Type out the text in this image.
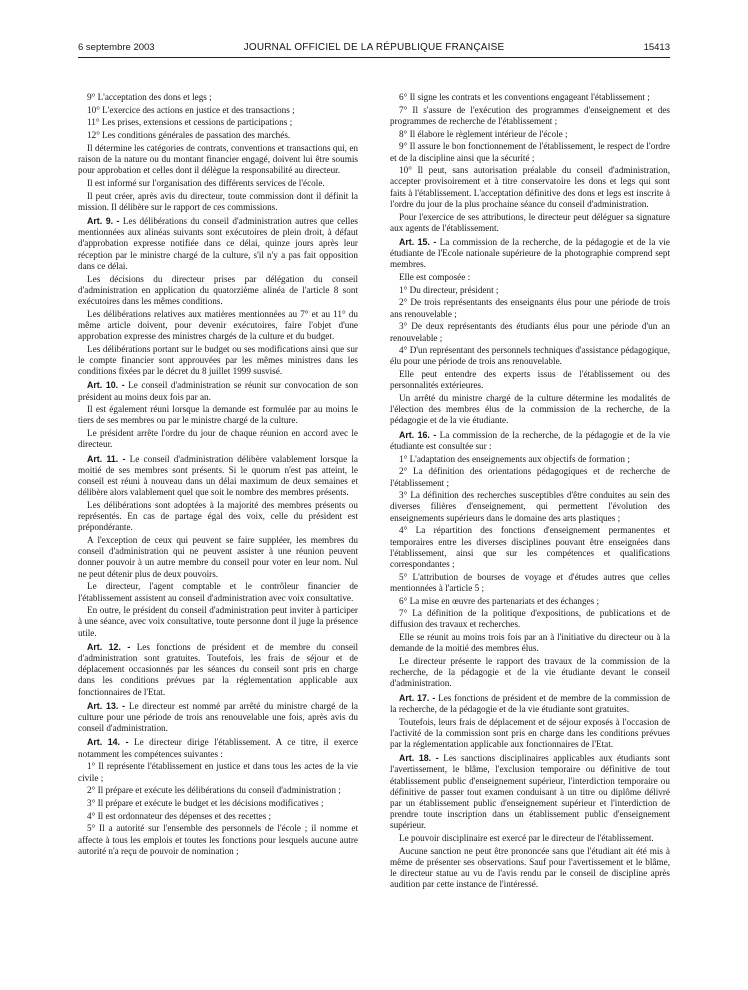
6 septembre 2003	JOURNAL OFFICIEL DE LA RÉPUBLIQUE FRANÇAISE	15413

9° L'acceptation des dons et legs ;

10° L'exercice des actions en justice et des transactions ;

11° Les prises, extensions et cessions de participations ;

12° Les conditions générales de passation des marchés.

Il détermine les catégories de contrats, conventions et transactions qui, en raison de la nature ou du montant financier engagé, doivent lui être soumis pour approbation et celles dont il délègue la responsabilité au directeur.

Il est informé sur l'organisation des différents services de l'école.

Il peut créer, après avis du directeur, toute commission dont il définit la mission. Il délibère sur le rapport de ces commissions.

Art. 9. - Les délibérations du conseil d'administration autres que celles mentionnées aux alinéas suivants sont exécutoires de plein droit, à défaut d'approbation expresse notifiée dans ce délai, quinze jours après leur réception par le ministre chargé de la culture, s'il n'y a pas fait opposition dans ce délai.

Les décisions du directeur prises par délégation du conseil d'administration en application du quatorzième alinéa de l'article 8 sont exécutoires dans les mêmes conditions.

Les délibérations relatives aux matières mentionnées au 7° et au 11° du même article doivent, pour devenir exécutoires, faire l'objet d'une approbation expresse des ministres chargés de la culture et du budget.

Les délibérations portant sur le budget ou ses modifications ainsi que sur le compte financier sont approuvées par les mêmes ministres dans les conditions fixées par le décret du 8 juillet 1999 susvisé.

Art. 10. - Le conseil d'administration se réunit sur convocation de son président au moins deux fois par an.

Il est également réuni lorsque la demande est formulée par au moins le tiers de ses membres ou par le ministre chargé de la culture.

Le président arrête l'ordre du jour de chaque réunion en accord avec le directeur.

Art. 11. - Le conseil d'administration délibère valablement lorsque la moitié de ses membres sont présents. Si le quorum n'est pas atteint, le conseil est réuni à nouveau dans un délai maximum de deux semaines et délibère alors valablement quel que soit le nombre des membres présents.

Les délibérations sont adoptées à la majorité des membres présents ou représentés. En cas de partage égal des voix, celle du président est prépondérante.

A l'exception de ceux qui peuvent se faire suppléer, les membres du conseil d'administration qui ne peuvent assister à une réunion peuvent donner pouvoir à un autre membre du conseil pour voter en leur nom. Nul ne peut détenir plus de deux pouvoirs.

Le directeur, l'agent comptable et le contrôleur financier de l'établissement assistent au conseil d'administration avec voix consultative.

En outre, le président du conseil d'administration peut inviter à participer à une séance, avec voix consultative, toute personne dont il juge la présence utile.

Art. 12. - Les fonctions de président et de membre du conseil d'administration sont gratuites. Toutefois, les frais de séjour et de déplacement occasionnés par les séances du conseil sont pris en charge dans les conditions prévues par la réglementation applicable aux fonctionnaires de l'Etat.

Art. 13. - Le directeur est nommé par arrêté du ministre chargé de la culture pour une période de trois ans renouvelable une fois, après avis du conseil d'administration.

Art. 14. - Le directeur dirige l'établissement. A ce titre, il exerce notamment les compétences suivantes :

1° Il représente l'établissement en justice et dans tous les actes de la vie civile ;

2° Il prépare et exécute les délibérations du conseil d'administration ;

3° Il prépare et exécute le budget et les décisions modificatives ;

4° Il est ordonnateur des dépenses et des recettes ;

5° Il a autorité sur l'ensemble des personnels de l'école ; il nomme et affecte à tous les emplois et toutes les fonctions pour lesquels aucune autre autorité n'a reçu de pouvoir de nomination ;

6° Il signe les contrats et les conventions engageant l'établissement ;

7° Il s'assure de l'exécution des programmes d'enseignement et des programmes de recherche de l'établissement ;

8° Il élabore le règlement intérieur de l'école ;

9° Il assure le bon fonctionnement de l'établissement, le respect de l'ordre et de la discipline ainsi que la sécurité ;

10° Il peut, sans autorisation préalable du conseil d'administration, accepter provisoirement et à titre conservatoire les dons et legs qui sont faits à l'établissement. L'acceptation définitive des dons et legs est inscrite à l'ordre du jour de la plus prochaine séance du conseil d'administration.

Pour l'exercice de ses attributions, le directeur peut déléguer sa signature aux agents de l'établissement.

Art. 15. - La commission de la recherche, de la pédagogie et de la vie étudiante de l'Ecole nationale supérieure de la photographie comprend sept membres.

Elle est composée :

1° Du directeur, président ;

2° De trois représentants des enseignants élus pour une période de trois ans renouvelable ;

3° De deux représentants des étudiants élus pour une période d'un an renouvelable ;

4° D'un représentant des personnels techniques d'assistance pédagogique, élu pour une période de trois ans renouvelable.

Elle peut entendre des experts issus de l'établissement ou des personnalités extérieures.

Un arrêté du ministre chargé de la culture détermine les modalités de l'élection des membres élus de la commission de la recherche, de la pédagogie et de la vie étudiante.

Art. 16. - La commission de la recherche, de la pédagogie et de la vie étudiante est consultée sur :

1° L'adaptation des enseignements aux objectifs de formation ;

2° La définition des orientations pédagogiques et de recherche de l'établissement ;

3° La définition des recherches susceptibles d'être conduites au sein des diverses filières d'enseignement, qui permettent l'évolution des enseignements supérieurs dans le domaine des arts plastiques ;

4° La répartition des fonctions d'enseignement permanentes et temporaires entre les diverses disciplines pouvant être enseignées dans l'établissement, ainsi que sur les compétences et qualifications correspondantes ;

5° L'attribution de bourses de voyage et d'études autres que celles mentionnées à l'article 5 ;

6° La mise en œuvre des partenariats et des échanges ;

7° La définition de la politique d'expositions, de publications et de diffusion des travaux et recherches.

Elle se réunit au moins trois fois par an à l'initiative du directeur ou à la demande de la moitié des membres élus.

Le directeur présente le rapport des travaux de la commission de la recherche, de la pédagogie et de la vie étudiante devant le conseil d'administration.

Art. 17. - Les fonctions de président et de membre de la commission de la recherche, de la pédagogie et de la vie étudiante sont gratuites.

Toutefois, leurs frais de déplacement et de séjour exposés à l'occasion de l'activité de la commission sont pris en charge dans les conditions prévues par la réglementation applicable aux fonctionnaires de l'Etat.

Art. 18. - Les sanctions disciplinaires applicables aux étudiants sont l'avertissement, le blâme, l'exclusion temporaire ou définitive de tout établissement public d'enseignement supérieur, l'interdiction temporaire ou définitive de passer tout examen conduisant à un titre ou diplôme délivré par un établissement public d'enseignement supérieur et l'interdiction de prendre toute inscription dans un établissement public d'enseignement supérieur.

Le pouvoir disciplinaire est exercé par le directeur de l'établissement.

Aucune sanction ne peut être prononcée sans que l'étudiant ait été mis à même de présenter ses observations. Sauf pour l'avertissement et le blâme, le directeur statue au vu de l'avis rendu par le conseil de discipline après audition par cette instance de l'intéressé.
